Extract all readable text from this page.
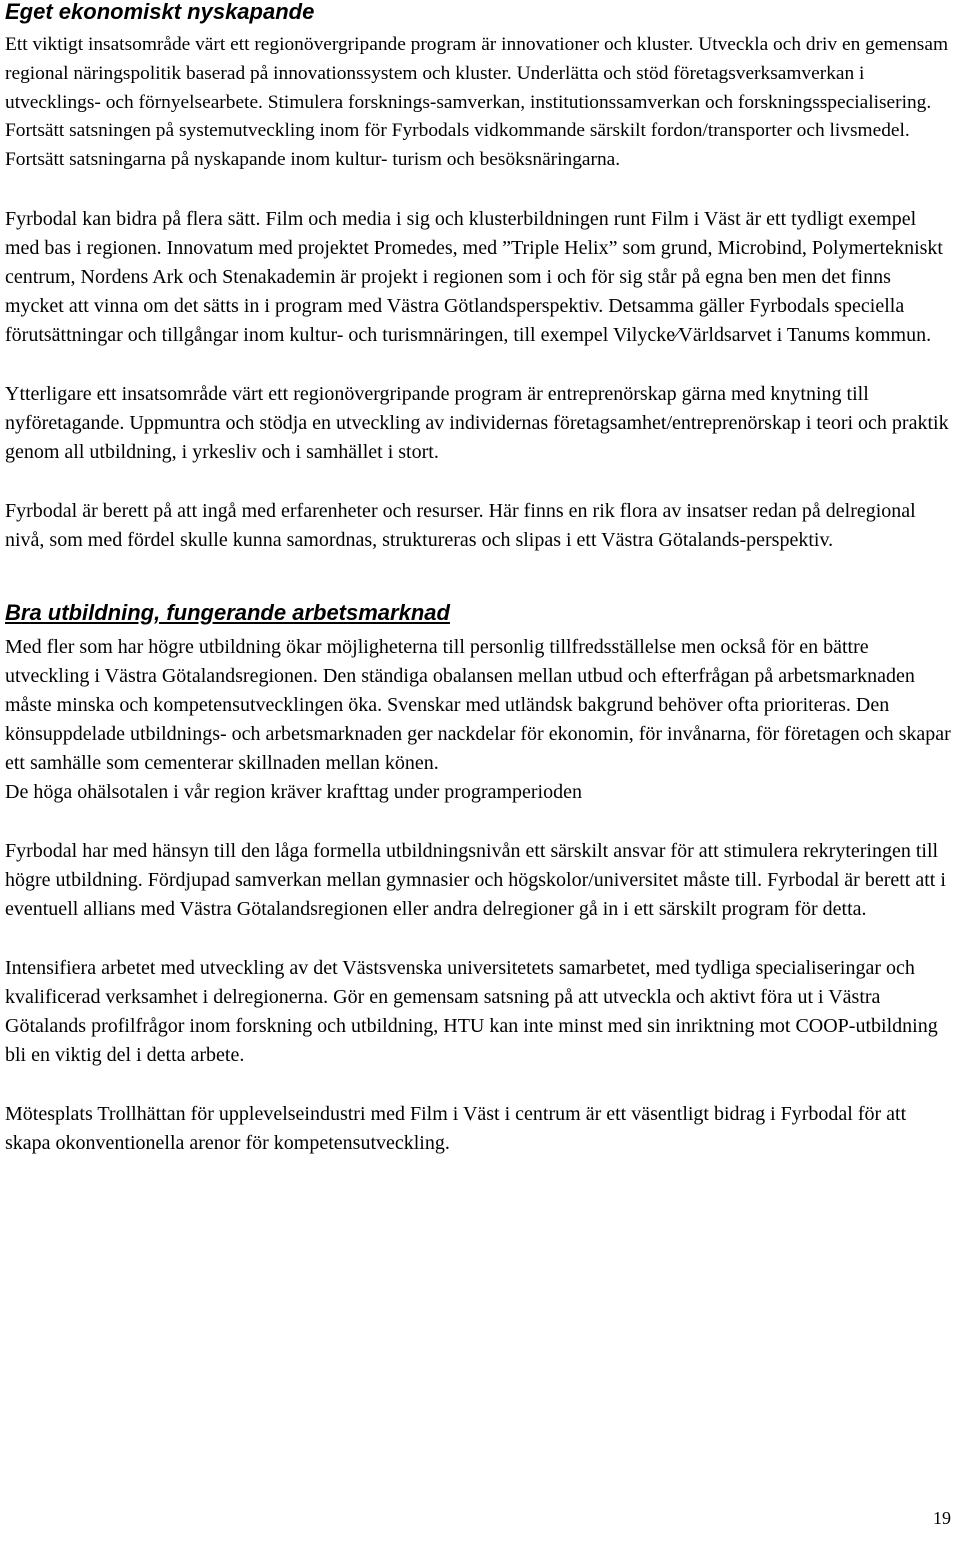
Eget ekonomiskt nyskapande

Ett viktigt insatsområde värt ett regionövergripande program är innovationer och kluster. Utveckla och driv en gemensam regional näringspolitik baserad på innovationssystem och kluster. Underlätta och stöd företagsverksamverkan i utvecklings- och förnyelsearbete. Stimulera forsknings-samverkan, institutionssamverkan och forskningsspecialisering. Fortsätt satsningen på systemutveckling inom för Fyrbodals vidkommande särskilt fordon/transporter och livsmedel. Fortsätt satsningarna på nyskapande inom kultur- turism och besöksnäringarna.

Fyrbodal kan bidra på flera sätt. Film och media i sig och klusterbildningen runt Film i Väst är ett tydligt exempel med bas i regionen. Innovatum med projektet Promedes, med ”Triple Helix” som grund, Microbind, Polymertekniskt centrum, Nordens Ark och Stenakademin är projekt i regionen som i och för sig står på egna ben men det finns mycket att vinna om det sätts in i program med Västra Götlandsperspektiv. Detsamma gäller Fyrbodals speciella förutsättningar och tillgångar inom kultur- och turismnäringen, till exempel Vilycke⁄Världsarvet i Tanums kommun.

Ytterligare ett insatsområde värt ett regionövergripande program är entreprenörskap gärna med knytning till nyföretagande. Uppmuntra och stödja en utveckling av individernas företagsamhet/entreprenörskap i teori och praktik genom all utbildning, i yrkesliv och i samhället i stort.

Fyrbodal är berett på att ingå med erfarenheter och resurser. Här finns en rik flora av insatser redan på delregional nivå, som med fördel skulle kunna samordnas, struktureras och slipas i ett Västra Götalands-perspektiv.

Bra utbildning, fungerande arbetsmarknad

Med fler som har högre utbildning ökar möjligheterna till personlig tillfredsställelse men också för en bättre utveckling i Västra Götalandsregionen. Den ständiga obalansen mellan utbud och efterfrågan på arbetsmarknaden måste minska och kompetensutvecklingen öka. Svenskar med utländsk bakgrund behöver ofta prioriteras. Den könsuppdelade utbildnings- och arbetsmarknaden ger nackdelar för ekonomin, för invånarna, för företagen och skapar ett samhälle som cementerar skillnaden mellan könen.

De höga ohälsotalen i vår region kräver krafttag under programperioden

Fyrbodal har med hänsyn till den låga formella utbildningsnivån ett särskilt ansvar för att stimulera rekryteringen till högre utbildning. Fördjupad samverkan mellan gymnasier och högskolor/universitet måste till. Fyrbodal är berett att i eventuell allians med Västra Götalandsregionen eller andra delregioner gå in i ett särskilt program för detta.

Intensifiera arbetet med utveckling av det Västsvenska universitetets samarbetet, med tydliga specialiseringar och kvalificerad verksamhet i delregionerna. Gör en gemensam satsning på att utveckla och aktivt föra ut i Västra Götalands profilfrågor inom forskning och utbildning, HTU kan inte minst med sin inriktning mot COOP-utbildning bli en viktig del i detta arbete.

Mötesplats Trollhättan för upplevelseindustri med Film i Väst i centrum är ett väsentligt bidrag i Fyrbodal för att skapa okonventionella arenor för kompetensutveckling.

19
